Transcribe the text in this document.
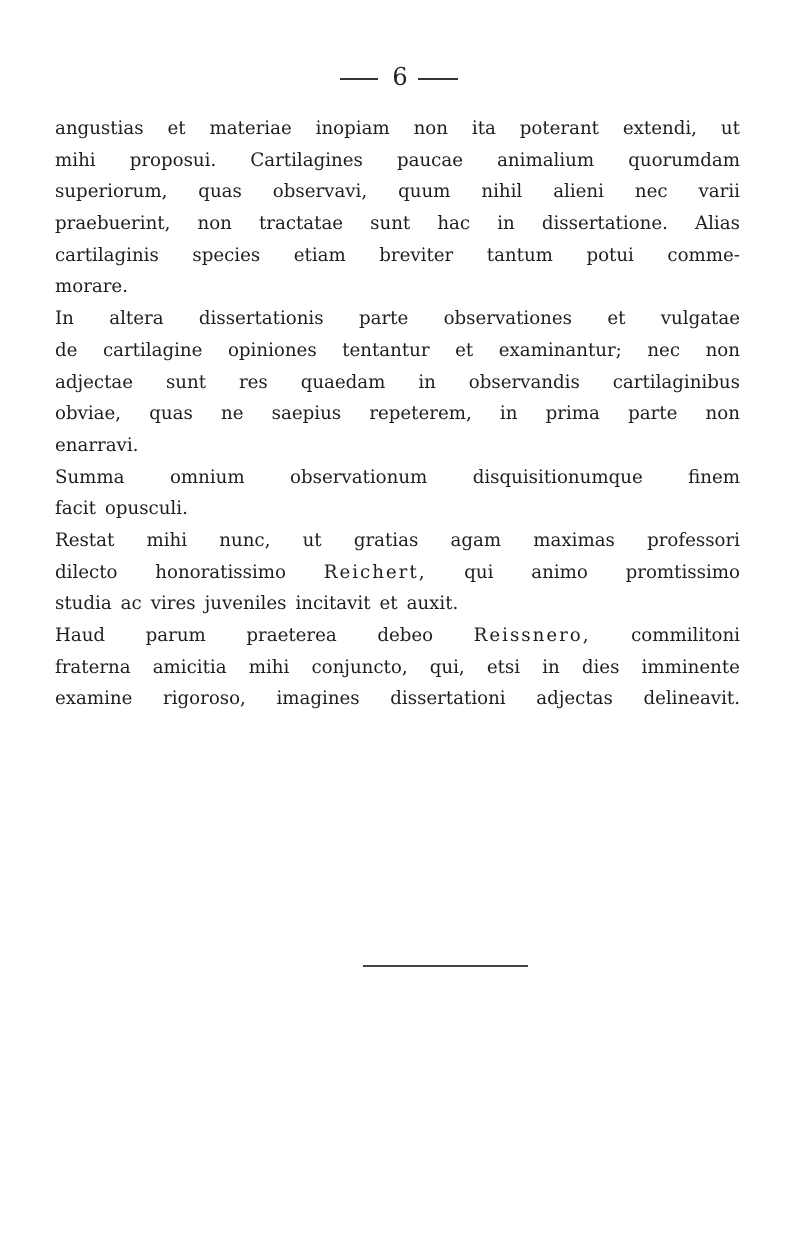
6
angustias et materiae inopiam non ita poterant extendi, ut
mihi proposui. Cartilagines paucae animalium quorumdam
superiorum, quas observavi, quum nihil alieni nec varii
praebuerint, non tractatae sunt hac in dissertatione. Alias
cartilaginis species etiam breviter tantum potui comme-
morare.
In altera dissertationis parte observationes et vulgatae
de cartilagine opiniones tentantur et examinantur; nec non
adjectae sunt res quaedam in observandis cartilaginibus
obviae, quas ne saepius repeterem, in prima parte non
enarravi.
Summa omnium observationum disquisitionumque finem
facit opusculi.
Restat mihi nunc, ut gratias agam maximas professori
dilecto honoratissimo Reichert, qui animo promtissimo
studia ac vires juveniles incitavit et auxit.
Haud parum praeterea debeo Reissnero, commilitoni
fraterna amicitia mihi conjuncto, qui, etsi in dies imminente
examine rigoroso, imagines dissertationi adjectas delineavit.
